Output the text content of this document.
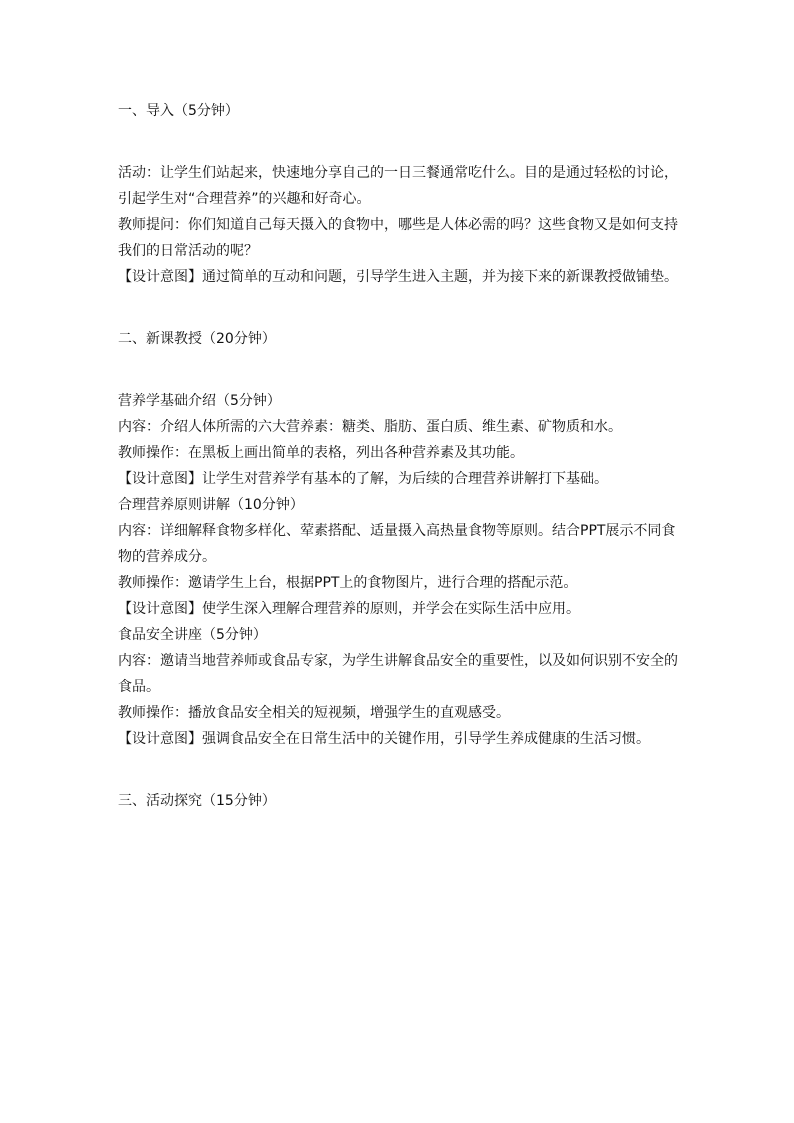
一、导入（5分钟）
活动：让学生们站起来，快速地分享自己的一日三餐通常吃什么。目的是通过轻松的讨论，引起学生对“合理营养”的兴趣和好奇心。
教师提问：你们知道自己每天摄入的食物中，哪些是人体必需的吗？这些食物又是如何支持我们的日常活动的呢？
【设计意图】通过简单的互动和问题，引导学生进入主题，并为接下来的新课教授做铺垫。
二、新课教授（20分钟）
营养学基础介绍（5分钟）
内容：介绍人体所需的六大营养素：糖类、脂肪、蛋白质、维生素、矿物质和水。
教师操作：在黑板上画出简单的表格，列出各种营养素及其功能。
【设计意图】让学生对营养学有基本的了解，为后续的合理营养讲解打下基础。
合理营养原则讲解（10分钟）
内容：详细解释食物多样化、荤素搭配、适量摄入高热量食物等原则。结合PPT展示不同食物的营养成分。
教师操作：邀请学生上台，根据PPT上的食物图片，进行合理的搭配示范。
【设计意图】使学生深入理解合理营养的原则，并学会在实际生活中应用。
食品安全讲座（5分钟）
内容：邀请当地营养师或食品专家，为学生讲解食品安全的重要性，以及如何识别不安全的食品。
教师操作：播放食品安全相关的短视频，增强学生的直观感受。
【设计意图】强调食品安全在日常生活中的关键作用，引导学生养成健康的生活习惯。
三、活动探究（15分钟）
